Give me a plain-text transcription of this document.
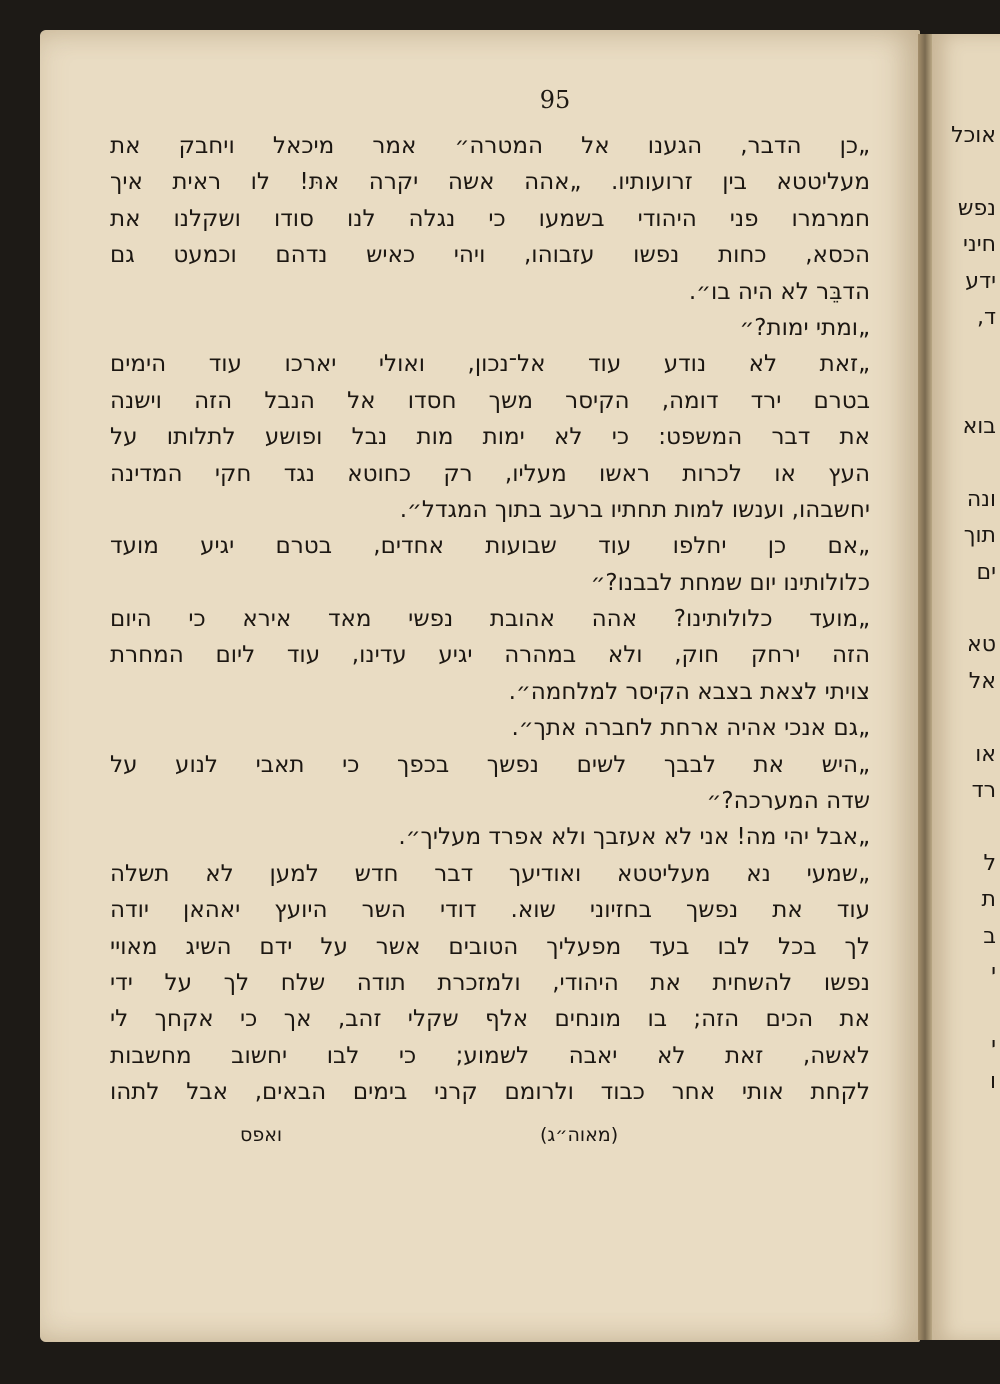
95
„כן הדבר, הגענו אל המטרה״ אמר מיכאל ויחבק את
מעליטטא בין זרועותיו. „אהה אשה יקרה אתּ! לו ראית איך
חמרמרו פני היהודי בשמעו כי נגלה לנו סודו ושקלנו את
הכסא, כחות נפשו עזבוהו, ויהי כאיש נדהם וכמעט גם
הדבֵּר לא היה בו״.
„ומתי ימות?״
„זאת לא נודע עוד אל־נכון, ואולי יארכו עוד הימים
בטרם ירד דומה, הקיסר משך חסדו אל הנבל הזה וישנה
את דבר המשפט: כי לא ימות מות נבל ופושע לתלותו על
העץ או לכרות ראשו מעליו, רק כחוטא נגד חקי המדינה
יחשבהו, וענשו למות תחתיו ברעב בתוך המגדל״.
„אם כן יחלפו עוד שבועות אחדים, בטרם יגיע מועד
כלולותינו יום שמחת לבבנו?״
„מועד כלולותינו? אהה אהובת נפשי מאד אירא כי היום
הזה ירחק חוק, ולא במהרה יגיע עדינו, עוד ליום המחרת
צויתי לצאת בצבא הקיסר למלחמה״.
„גם אנכי אהיה ארחת לחברה אתך״.
„היש את לבבך לשים נפשך בכפך כי תאבי לנוע על
שדה המערכה?״
„אבל יהי מה! אני לא אעזבך ולא אפרד מעליך״.
„שמעי נא מעליטטא ואודיעך דבר חדש למען לא תשלה
עוד את נפשך בחזיוני שוא. דודי השר היועץ יאהאן יודה
לך בכל לבו בעד מפעליך הטובים אשר על ידם השיג מאויי
נפשו להשחית את היהודי, ולמזכרת תודה שלח לך על ידי
את הכים הזה; בו מונחים אלף שקלי זהב, אך כי אקחך לי
לאשה, זאת לא יאבה לשמוע; כי לבו יחשוב מחשבות
לקחת אותי אחר כבוד ולרומם קרני בימים הבאים, אבל לתהו
(מאוה״ג)
ואפס
אוכל
נפש
חיני
ידע
ד,
בוא
ונה
תוך
ים
טא
אל
או
רד
ל
ת
ב
י
י
ו
